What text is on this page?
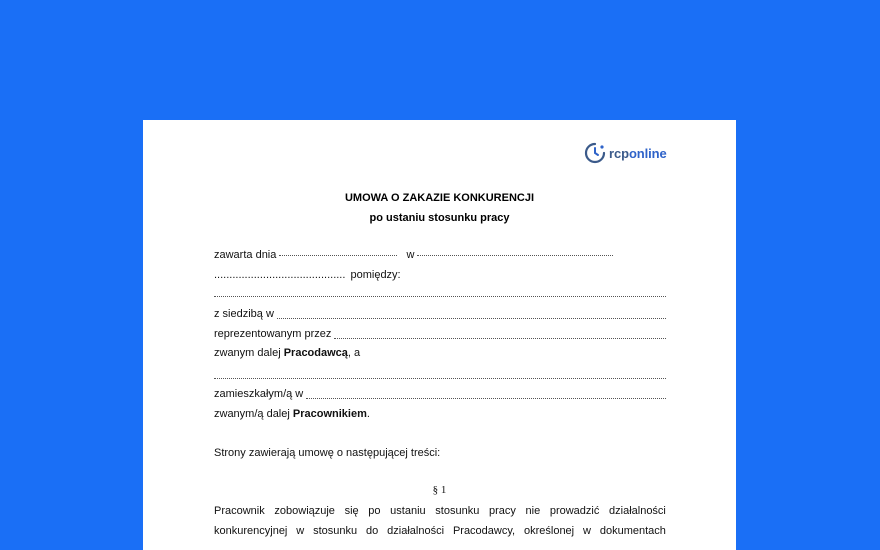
rcponline
UMOWA O ZAKAZIE KONKURENCJI
po ustaniu stosunku pracy
zawarta dnia	w
........................................... pomiędzy:
z siedzibą w
reprezentowanym przez
zwanym dalej Pracodawcą, a
zamieszkałym/ą w
zwanym/ą dalej Pracownikiem.
Strony zawierają umowę o następującej treści:
§ 1
Pracownik zobowiązuje się po ustaniu stosunku pracy nie prowadzić działalności
konkurencyjnej w stosunku do działalności Pracodawcy, określonej w dokumentach
